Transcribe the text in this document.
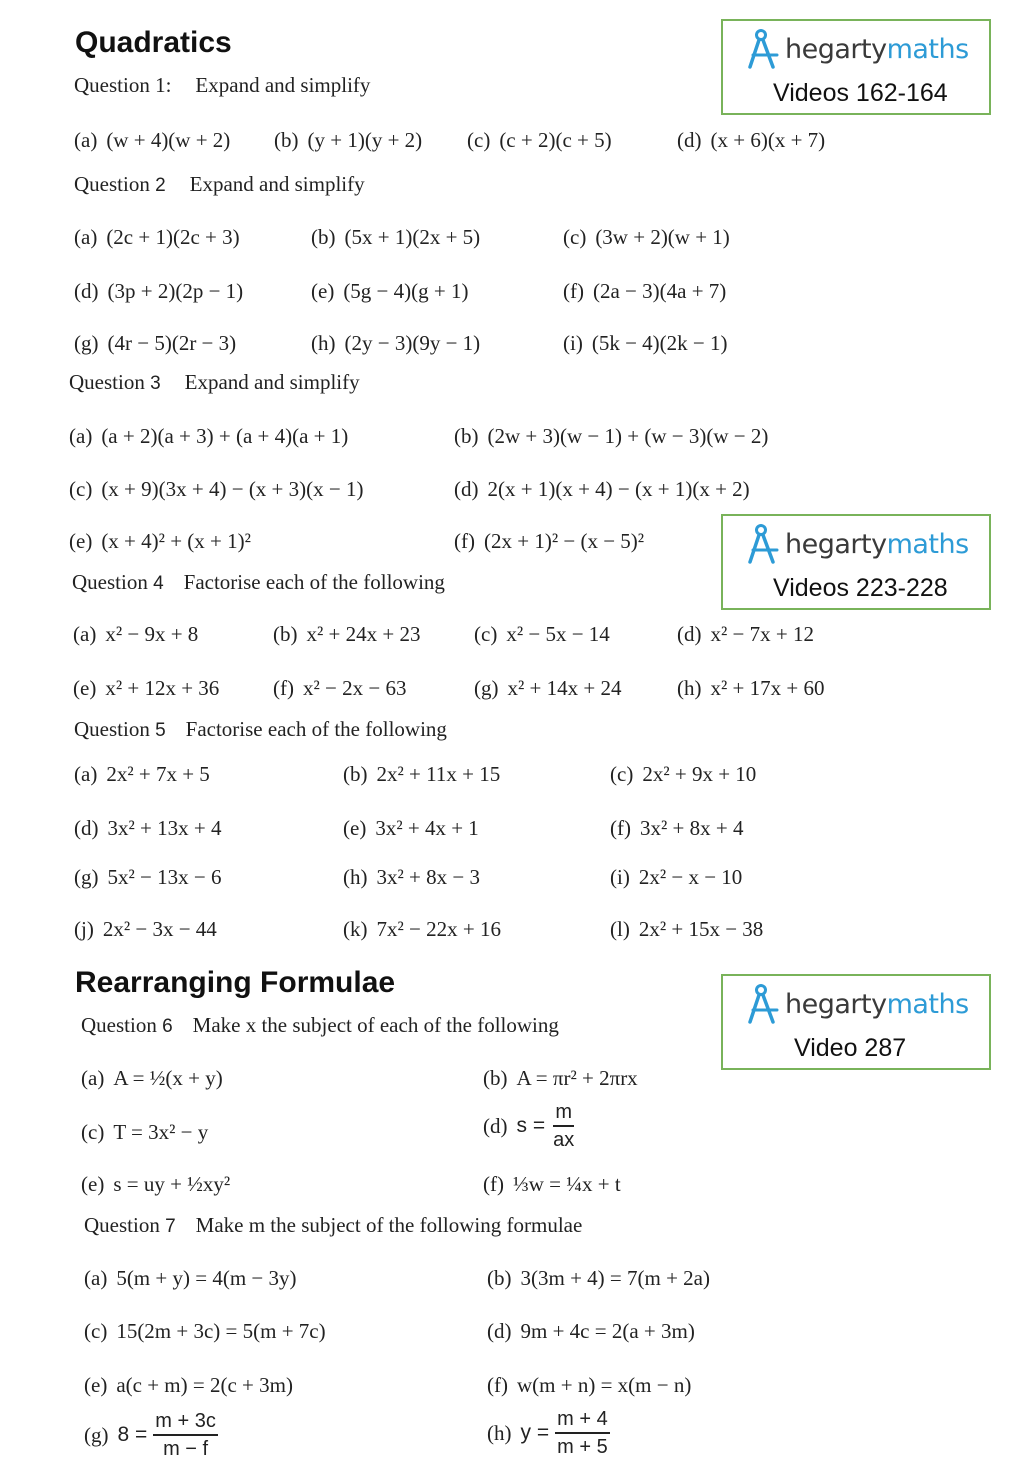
Quadratics
Rearranging Formulae
hegartymaths
Videos 162-164
hegartymaths
Videos 223-228
hegartymaths
Video 287
Question 1: Expand and simplify
(a) (w + 4)(w + 2) (b) (y + 1)(y + 2) (c) (c + 2)(c + 5)	(d) (x + 6)(x + 7)
Question 2 Expand and simplify
(a) (2c + 1)(2c + 3)	(b) (5x + 1)(2x + 5)	(c) (3w + 2)(w + 1)
(d) (3p + 2)(2p − 1)	(e) (5g − 4)(g + 1)	(f) (2a − 3)(4a + 7)
(g) (4r − 5)(2r − 3)	(h) (2y − 3)(9y − 1)	(i) (5k − 4)(2k − 1)
Question 3 Expand and simplify
(a) (a + 2)(a + 3) + (a + 4)(a + 1)	(b) (2w + 3)(w − 1) + (w − 3)(w − 2)
(c) (x + 9)(3x + 4) − (x + 3)(x − 1)	(d) 2(x + 1)(x + 4) − (x + 1)(x + 2)
(e) (x + 4)² + (x + 1)²	(f) (2x + 1)² − (x − 5)²
Question 4 Factorise each of the following
(a) x² − 9x + 8	(b) x² + 24x + 23	(c) x² − 5x − 14	(d) x² − 7x + 12
(e) x² + 12x + 36	(f) x² − 2x − 63	(g) x² + 14x + 24	(h) x² + 17x + 60
Question 5 Factorise each of the following
(a) 2x² + 7x + 5	(b) 2x² + 11x + 15	(c) 2x² + 9x + 10
(d) 3x² + 13x + 4	(e) 3x² + 4x + 1	(f) 3x² + 8x + 4
(g) 5x² − 13x − 6	(h) 3x² + 8x − 3	(i) 2x² − x − 10
(j) 2x² − 3x − 44	(k) 7x² − 22x + 16	(l) 2x² + 15x − 38
Question 6 Make x the subject of each of the following
(a) A = ½(x + y)	(b) A = πr² + 2πrx
(c) T = 3x² − y	(d) $s = \frac{m}{ax}$
(e) s = uy + ½xy²	(f) ⅓w = ¼x + t
Question 7 Make m the subject of the following formulae
(a) 5(m + y) = 4(m − 3y)	(b) 3(3m + 4) = 7(m + 2a)
(c) 15(2m + 3c) = 5(m + 7c)	(d) 9m + 4c = 2(a + 3m)
(e) a(c + m) = 2(c + 3m)	(f) w(m + n) = x(m − n)
(g) $8 = \frac{m + 3c}{m - f}$	(h) $y = \frac{m + 4}{m + 5}$
